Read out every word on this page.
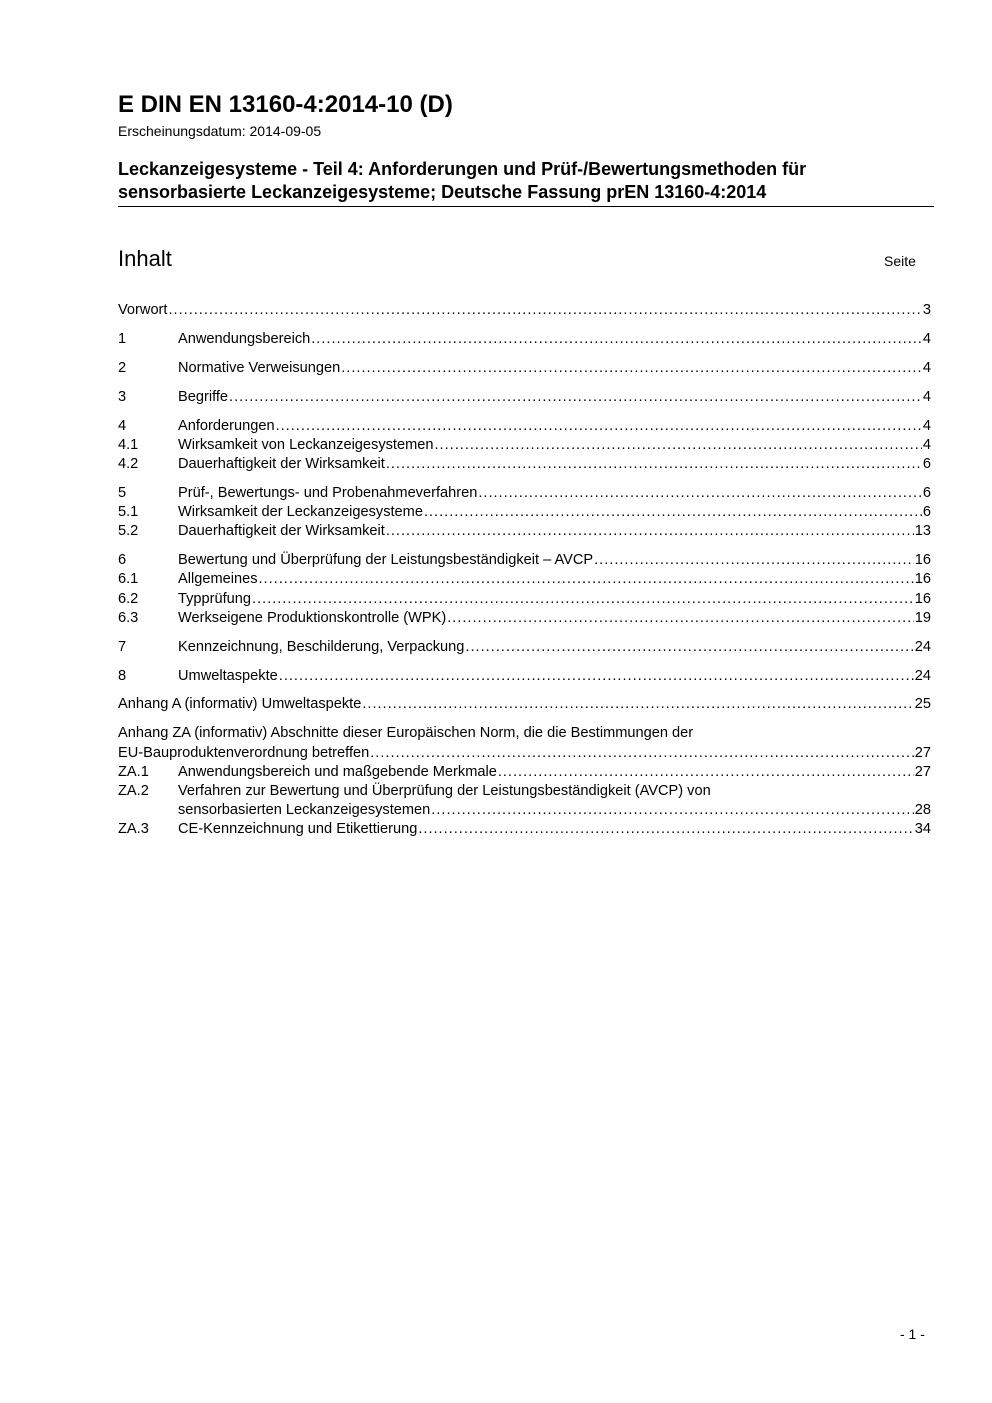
E DIN EN 13160-4:2014-10 (D)
Erscheinungsdatum: 2014-09-05
Leckanzeigesysteme - Teil 4: Anforderungen und Prüf-/Bewertungsmethoden für
sensorbasierte Leckanzeigesysteme; Deutsche Fassung prEN 13160-4:2014
Inhalt	Seite
Vorwort .....	3
1	Anwendungsbereich .....	4
2	Normative Verweisungen .....	4
3	Begriffe .....	4
4	Anforderungen .....	4
4.1	Wirksamkeit von Leckanzeigesystemen .....	4
4.2	Dauerhaftigkeit der Wirksamkeit .....	6
5	Prüf-, Bewertungs- und Probenahmeverfahren .....	6
5.1	Wirksamkeit der Leckanzeigesysteme .....	6
5.2	Dauerhaftigkeit der Wirksamkeit .....	13
6	Bewertung und Überprüfung der Leistungsbeständigkeit – AVCP .....	16
6.1	Allgemeines .....	16
6.2	Typprüfung .....	16
6.3	Werkseigene Produktionskontrolle (WPK) .....	19
7	Kennzeichnung, Beschilderung, Verpackung .....	24
8	Umweltaspekte .....	24
Anhang A (informativ) Umweltaspekte .....	25
Anhang ZA (informativ) Abschnitte dieser Europäischen Norm, die die Bestimmungen der
EU-Bauproduktenverordnung betreffen .....	27
ZA.1 Anwendungsbereich und maßgebende Merkmale .....	27
ZA.2 Verfahren zur Bewertung und Überprüfung der Leistungsbeständigkeit (AVCP) von
sensorbasierten Leckanzeigesystemen .....	28
ZA.3 CE-Kennzeichnung und Etikettierung .....	34
- 1 -
